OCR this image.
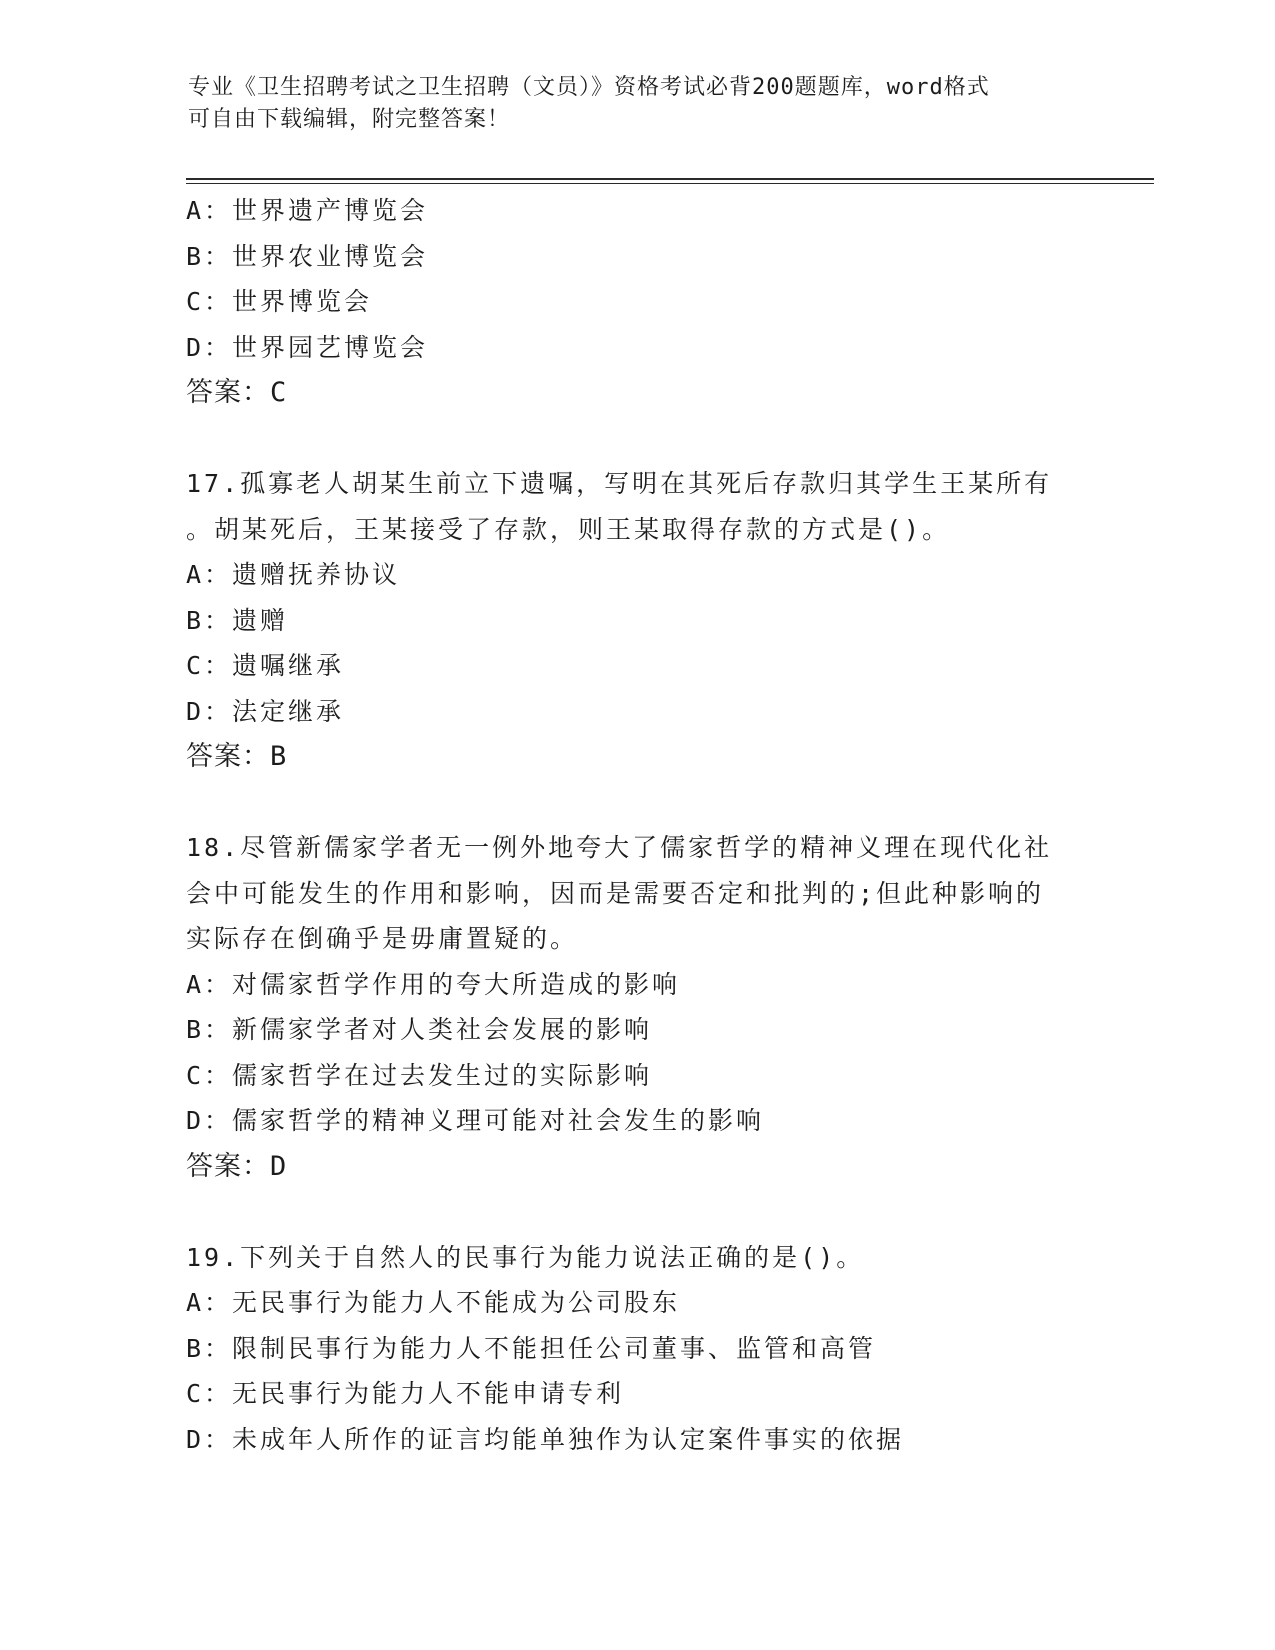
专业《卫生招聘考试之卫生招聘（文员）》资格考试必背200题题库，word格式
可自由下载编辑，附完整答案！
A：世界遗产博览会
B：世界农业博览会
C：世界博览会
D：世界园艺博览会
答案：C
17.孤寡老人胡某生前立下遗嘱，写明在其死后存款归其学生王某所有
。胡某死后，王某接受了存款，则王某取得存款的方式是()。
A：遗赠抚养协议
B：遗赠
C：遗嘱继承
D：法定继承
答案：B
18.尽管新儒家学者无一例外地夸大了儒家哲学的精神义理在现代化社
会中可能发生的作用和影响，因而是需要否定和批判的;但此种影响的
实际存在倒确乎是毋庸置疑的。
A：对儒家哲学作用的夸大所造成的影响
B：新儒家学者对人类社会发展的影响
C：儒家哲学在过去发生过的实际影响
D：儒家哲学的精神义理可能对社会发生的影响
答案：D
19.下列关于自然人的民事行为能力说法正确的是()。
A：无民事行为能力人不能成为公司股东
B：限制民事行为能力人不能担任公司董事、监管和高管
C：无民事行为能力人不能申请专利
D：未成年人所作的证言均能单独作为认定案件事实的依据
